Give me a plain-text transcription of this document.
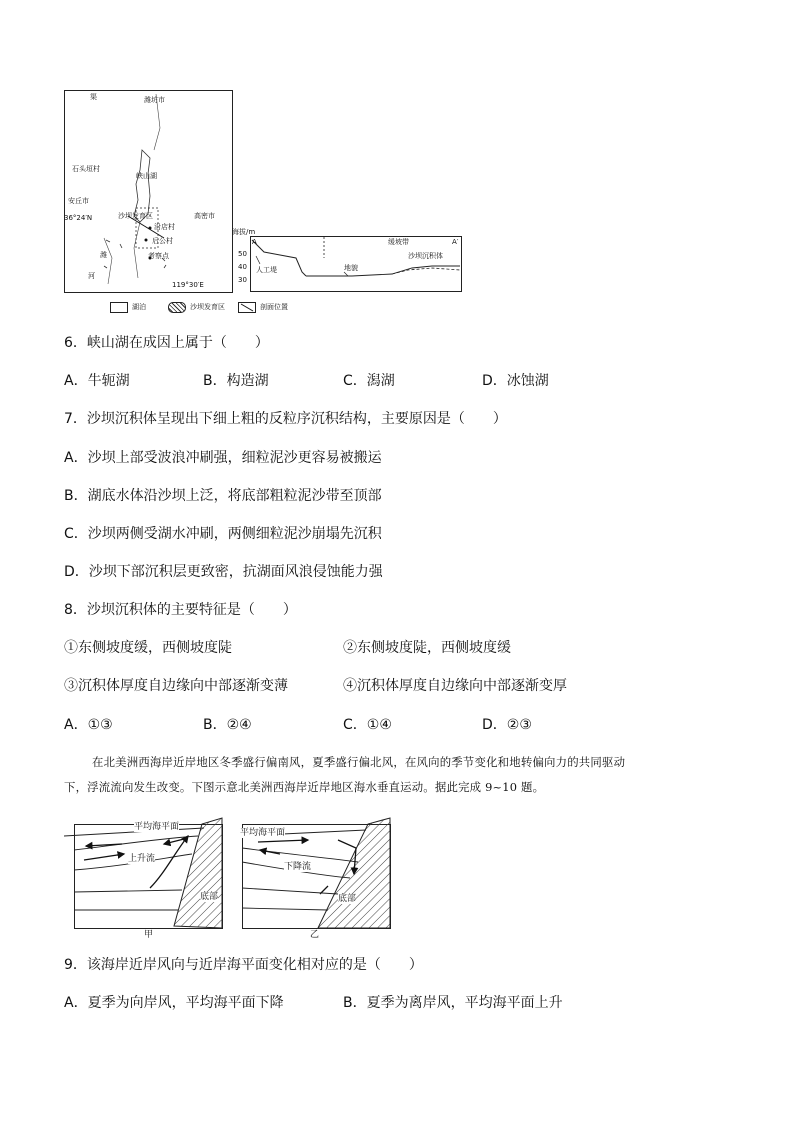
渠	潍坊市
石头垣村
峡山湖
安丘市
36°24′N	沙坝发育区	高密市
沿店村
后公村
潍	考察点
河
119°30′E
湖泊	沙坝发育区	剖面位置
海拔/m
A	A′
50
40
30
缓坡带
沙坝沉积体
人工堤	地貌
6．峡山湖在成因上属于（　　）
A．牛轭湖	B．构造湖	C．潟湖	D．冰蚀湖
7．沙坝沉积体呈现出下细上粗的反粒序沉积结构，主要原因是（　　）
A．沙坝上部受波浪冲刷强，细粒泥沙更容易被搬运
B．湖底水体沿沙坝上泛，将底部粗粒泥沙带至顶部
C．沙坝两侧受湖水冲刷，两侧细粒泥沙崩塌先沉积
D．沙坝下部沉积层更致密，抗湖面风浪侵蚀能力强
8．沙坝沉积体的主要特征是（　　）
①东侧坡度缓，西侧坡度陡	②东侧坡度陡，西侧坡度缓
③沉积体厚度自边缘向中部逐渐变薄	④沉积体厚度自边缘向中部逐渐变厚
A．①③	B．②④	C．①④	D．②③
在北美洲西海岸近岸地区冬季盛行偏南风，夏季盛行偏北风，在风向的季节变化和地转偏向力的共同驱动
下，浮流流向发生改变。下图示意北美洲西海岸近岸地区海水垂直运动。据此完成 9~10 题。
平均海平面
上升流
底部
甲
平均海平面
下降流
底部
乙
9．该海岸近岸风向与近岸海平面变化相对应的是（　　）
A．夏季为向岸风，平均海平面下降	B．夏季为离岸风，平均海平面上升
